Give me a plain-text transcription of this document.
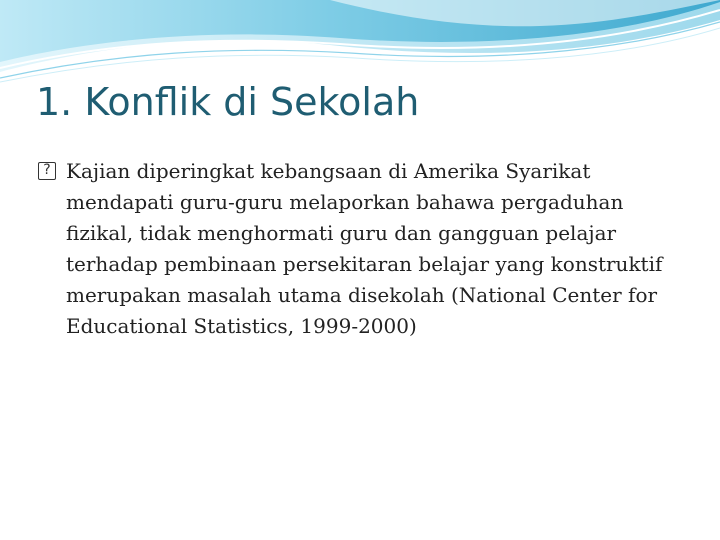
1. Konflik di Sekolah
? Kajian diperingkat kebangsaan di Amerika Syarikat mendapati guru-guru melaporkan bahawa pergaduhan fizikal, tidak menghormati guru dan gangguan pelajar terhadap pembinaan persekitaran belajar yang konstruktif merupakan masalah utama disekolah (National Center for Educational Statistics, 1999-2000)
